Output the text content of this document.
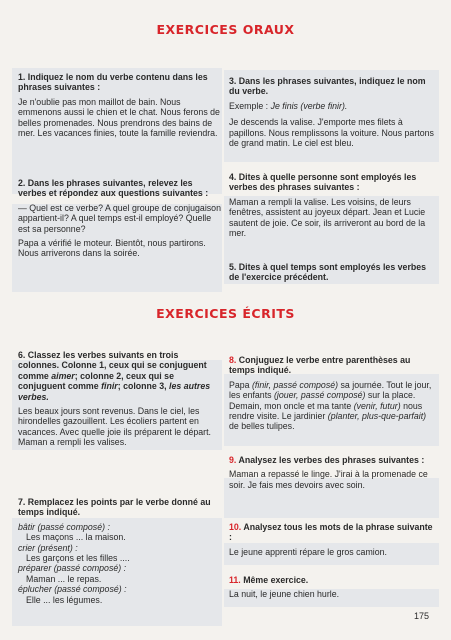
EXERCICES ORAUX
EXERCICES ÉCRITS
1. Indiquez le nom du verbe contenu dans les phrases suivantes :
Je n'oublie pas mon maillot de bain. Nous emmenons aussi le chien et le chat. Nous ferons de belles promenades. Nous prendrons des bains de mer. Les vacances finies, toute la famille reviendra.
2. Dans les phrases suivantes, relevez les verbes et répondez aux questions suivantes :
— Quel est ce verbe? A quel groupe de conjugaison appartient-il? A quel temps est-il employé? Quelle est sa personne?
Papa a vérifié le moteur. Bientôt, nous partirons. Nous arriverons dans la soirée.
3. Dans les phrases suivantes, indiquez le nom du verbe.
Exemple : Je finis (verbe finir).
Je descends la valise. J'emporte mes filets à papillons. Nous remplissons la voiture. Nous partons de grand matin. Le ciel est bleu.
4. Dites à quelle personne sont employés les verbes des phrases suivantes :
Maman a rempli la valise. Les voisins, de leurs fenêtres, assistent au joyeux départ. Jean et Lucie sautent de joie. Ce soir, ils arriveront au bord de la mer.
5. Dites à quel temps sont employés les verbes de l'exercice précédent.
6. Classez les verbes suivants en trois colonnes. Colonne 1, ceux qui se conjuguent comme aimer; colonne 2, ceux qui se conjuguent comme finir; colonne 3, les autres verbes.
Les beaux jours sont revenus. Dans le ciel, les hirondelles gazouillent. Les écoliers partent en vacances. Avec quelle joie ils préparent le départ. Maman a rempli les valises.
7. Remplacez les points par le verbe donné au temps indiqué.
bâtir (passé composé) :
Les maçons ... la maison.
crier (présent) :
Les garçons et les filles ....
préparer (passé composé) :
Maman ... le repas.
éplucher (passé composé) :
Elle ... les légumes.
8. Conjuguez le verbe entre parenthèses au temps indiqué.
Papa (finir, passé composé) sa journée. Tout le jour, les enfants (jouer, passé composé) sur la place. Demain, mon oncle et ma tante (venir, futur) nous rendre visite. Le jardinier (planter, plus-que-parfait) de belles tulipes.
9. Analysez les verbes des phrases suivantes :
Maman a repassé le linge. J'irai à la promenade ce soir. Je fais mes devoirs avec soin.
10. Analysez tous les mots de la phrase suivante :
Le jeune apprenti répare le gros camion.
11. Même exercice.
La nuit, le jeune chien hurle.
175
